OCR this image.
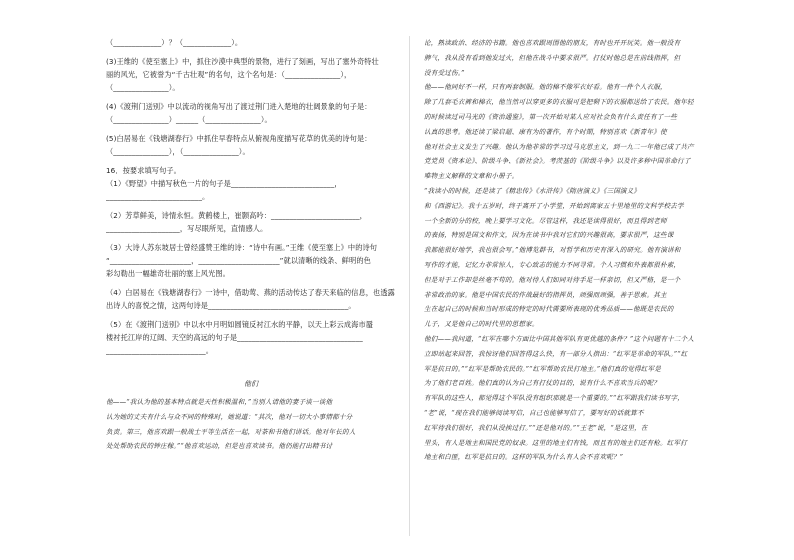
（_____________）？（_____________）。
(3)王维的《使至塞上》中，抓住沙漠中典型的景物，进行了刻画，写出了塞外奇特壮
丽的风光，它被誉为“千古壮观”的名句，这个名句是：（_______________），
（_______________）。
(4)《渡荆门送别》中以流动的视角写出了渡过荆门进入楚地的壮阔景象的句子是：
（_______________）______（_______________）。
(5)白居易在《钱塘湖春行》中抓住早春特点从俯视角度描写花草的优美的诗句是：
（_______________），（_______________）。
16．按要求填写句子。
（1）《野望》中描写秋色一片的句子是____________________________，
__________________________。
（2）芳草鲜美，诗情永恒。黄鹤楼上，崔颢高吟：________________________，
____________________，写尽眼所见，直情感人。
（3）大诗人苏东坡居士曾经盛赞王维的诗：“诗中有画。”王维《使至塞上》中的诗句
“______________________，______________________”就以清晰的线条、鲜明的色
彩勾勒出一幅雄奇壮丽的塞上风光图。
（4）白居易在《钱塘湖春行》一诗中，借助莺、燕的活动传达了春天来临的信息，也透露
出诗人的喜悦之情，这两句诗是______________________________________。
（5）在《渡荆门送别》中以水中月明如圆镜反衬江水的平静，以天上彩云成海市蜃
楼衬托江岸的辽阔、天空的高远的句子是__________________________________
___________________________。
他们
他——“我认为他的基本特点就是天性积极温和，”当别人请他的妻子谈一谈他
认为她的丈夫有什么与众不同的特殊时，她说道：“其次，他对一切大小事情都十分
负责。第三，他喜欢跟一般战士平等生活在一起，对茶和书他们讲话。他对年长的人
处处帮助农民的钟庄稼。”“他喜欢运动，但是也喜欢读书。他仍能打出精书讨
论，熟读政治、经济的书籍。他也喜欢跟周围他的朋友，有时也开开玩笑。他一般没有
脾气，我从没有看到他发过火，但他在战斗中要求很严。打仗时他总是在前线指挥，但
没有受过伤。”
他——他同好不一样，只有两套制服。他的棉不像军衣好看。他有一件个人衣服，
除了几套毛衣裤和棉衣，他当然可以穿更多的衣服可是把剩下的衣服都送给了农民。他年轻
的时候读过司马光的《资治通鉴》，第一次开始对某人应对社会负有什么责任有了一些
认真的思考。他还读了梁启超、康有为的著作，有个时期，特别喜欢《新青年》使
他对社会主义发生了兴趣。他认为他非常的学习过马克思主义，到一九二一年他已成了共产
党党员《资本论》、阶级斗争、《新社会》。考茨基的《阶级斗争》以及许多种中国革命行了
唯物主义解释的文章和小册子。
“我读小的时候，还是读了《精忠传》《水浒传》《隋唐演义》《三国演义》
和《西游记》。我十五岁时，终于离开了小学堂，开始到离家五十里地里的文科学校去学
一个全新的分的校，晚上要学习文化。尽管这样，我还是读得很好，而且得到老师
的表扬，特别是国文和作文，因为在读书中我对它们的兴趣很高，要求很严，这些课
我都能很好地学，我也很会写。”他博览群书，对哲学和历史有深入的研究。他有演讲和
写作的才能，记忆力非常惊人，专心致志的能力不同寻常。个人习惯和外表都很朴素，
但是对于工作却是丝毫不苟的。他对待人们如同对待手足一样亲切，但又严格，是一个
非常政治的家。他是中国农民的作战最好的指挥员，顽强而顽强，善于思索。其主
生在起自己的时候和当时形成的特定的时代需要所表现的优秀品质——他既是农民的
儿子，又是他自己的时代里的思想家。
他们——我问道，“红军在哪个方面比中国其他军队有更优越的条件？”这个问题有十二个人
立即站起来回答，我惊讶他们回答得这么快，有一部分人指出：“红军是革命的军队。”“红
军是抗日的。”“红军是帮助农民的。”“红军帮助农民打地主。”他们真的觉得红军是
为了他们老百姓。他们真的认为自己有打仗的目的，说有什么不喜欢当兵的呢？
有军队的这些人，都觉得这个军队没有组织那就是一个重要的。”“红军跟我们读书写字，
“老”说，“现在我们能够阅读写信，自己也能够写信了，要写好的话就算不
红军待我们很好，我们从没挨过打。”“还是他对的。”“王老”说，“是这里，在
里头，有人是地主和国民党的奴隶。这里的地主们有钱，而且有的地主们还有枪。红军打
地主和白匪，红军是抗日的。这样的军队为什么有人会不喜欢呢？”
